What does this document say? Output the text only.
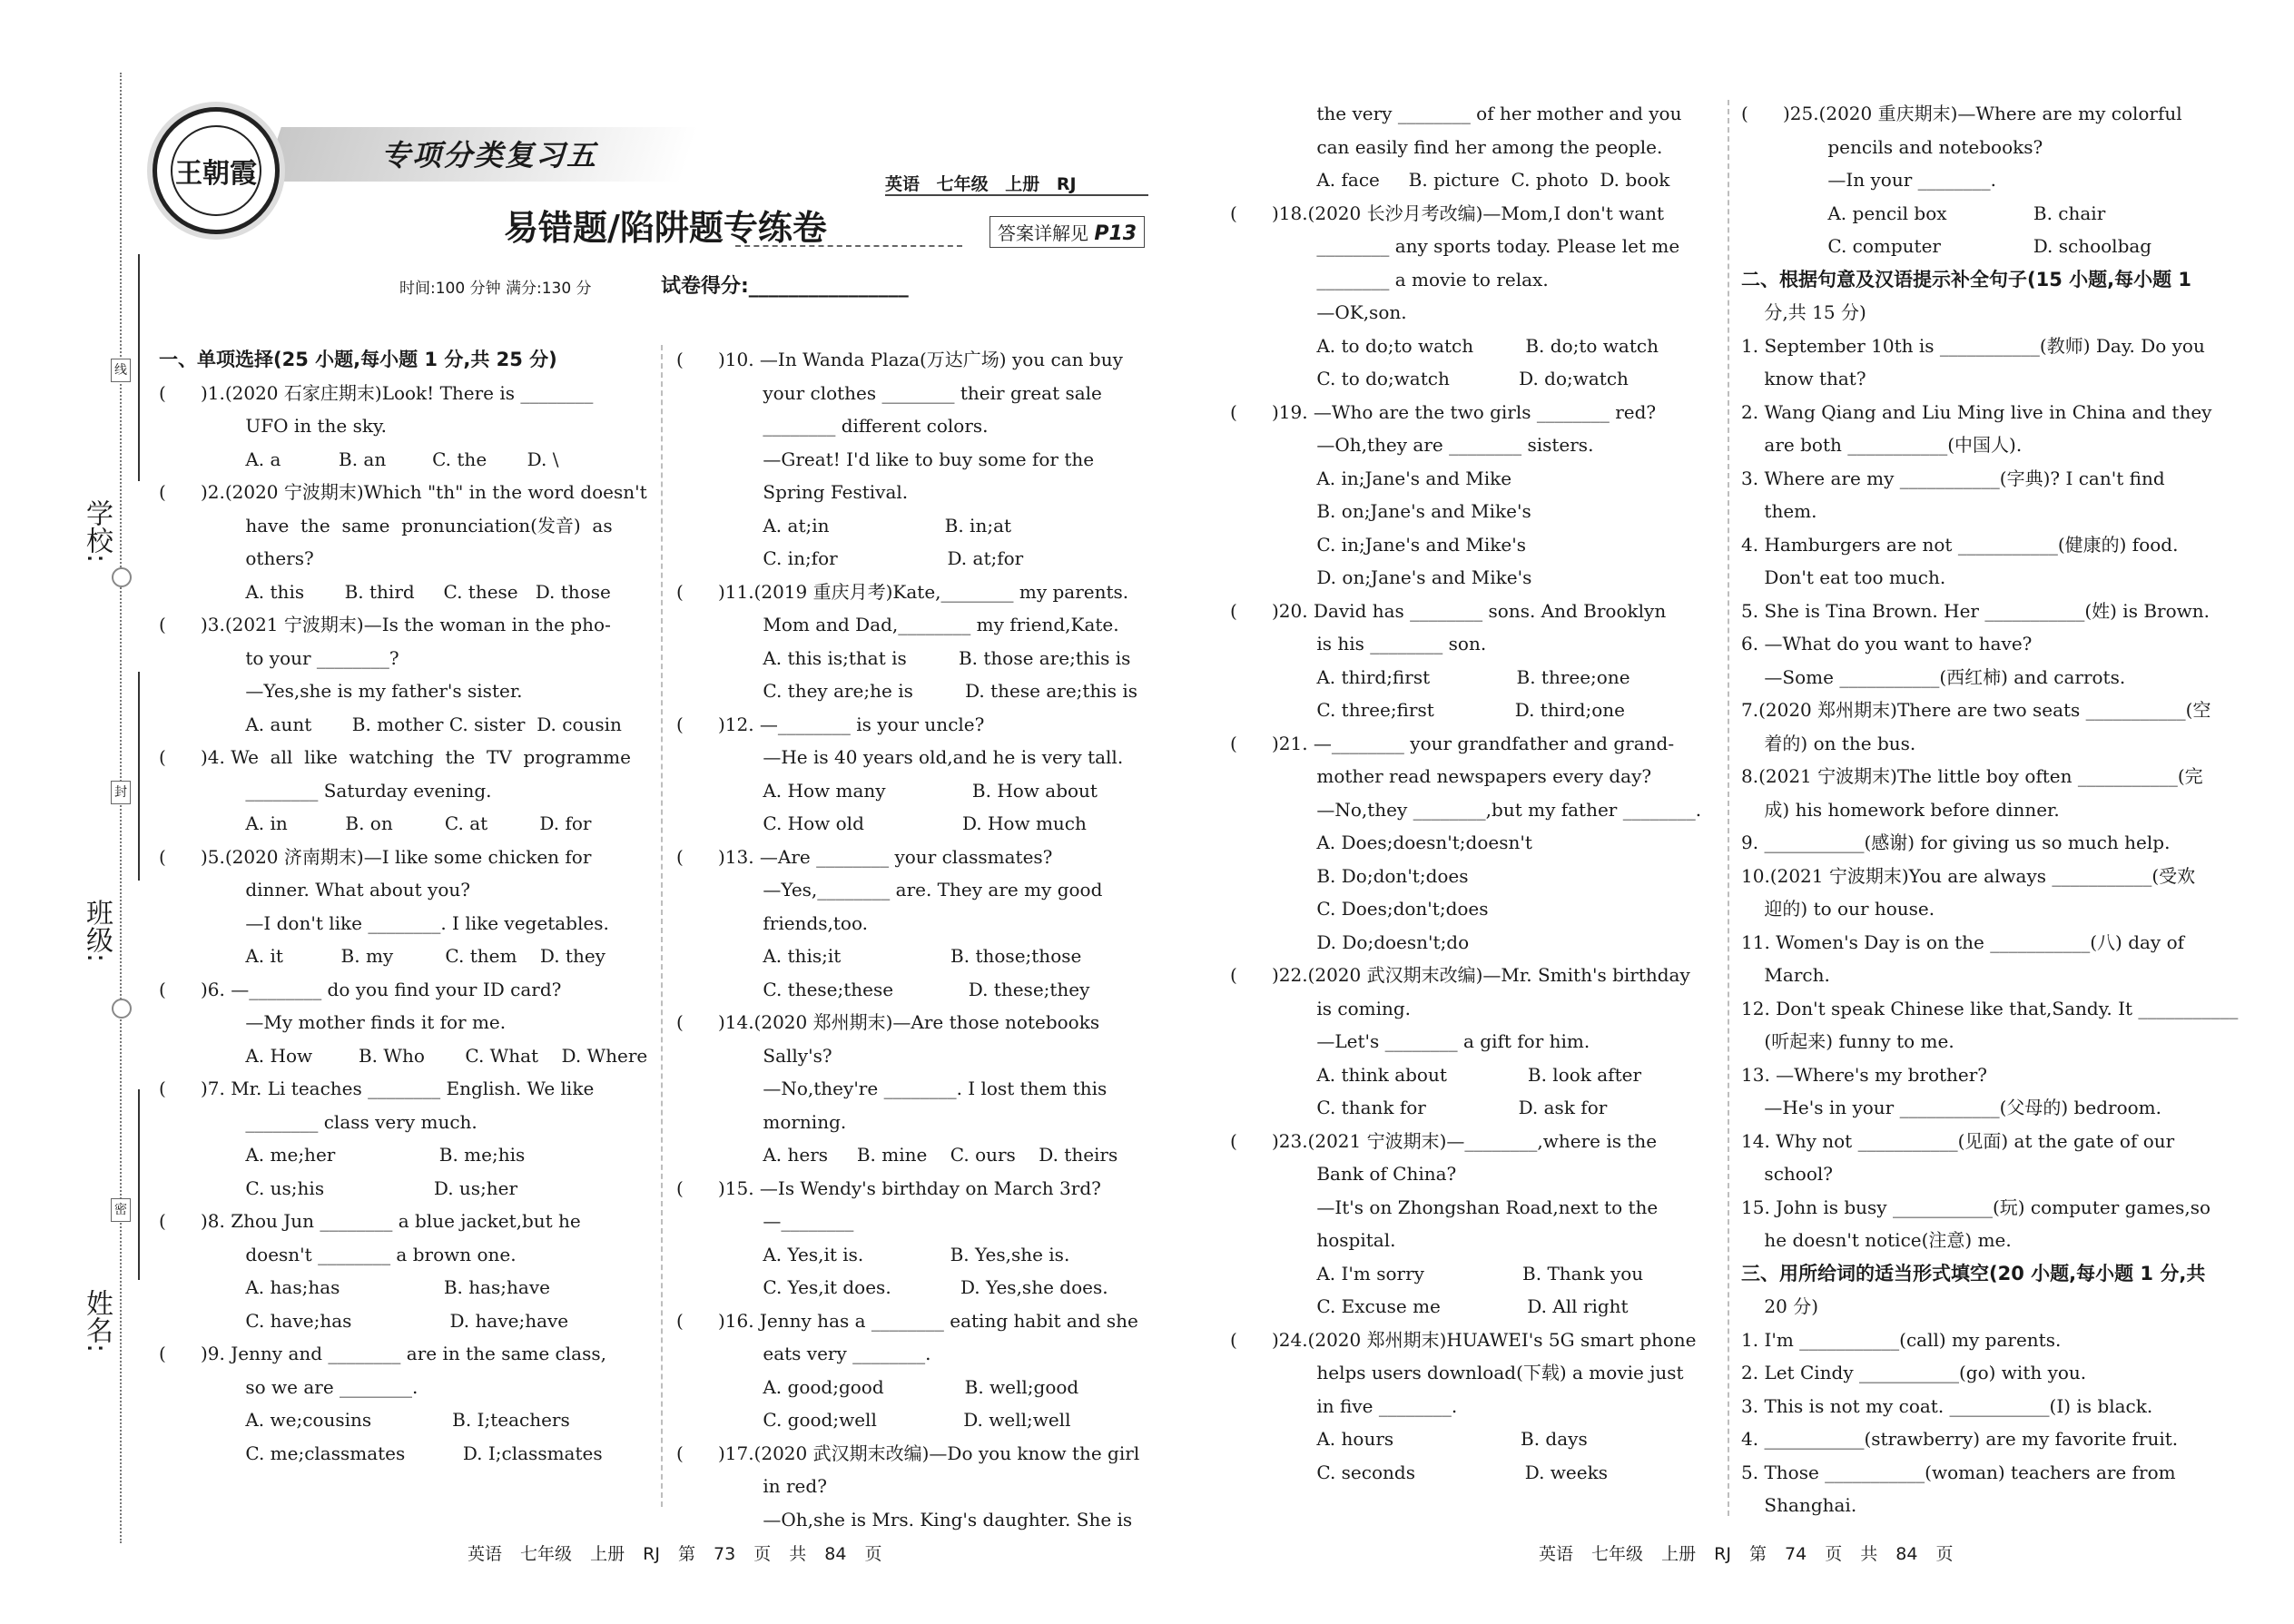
学校:
班级:
姓名:
线
封
密
王朝霞
专项分类复习五
易错题/陷阱题专练卷
英语 七年级 上册 RJ
答案详解见 P13
时间:100 分钟 满分:130 分	试卷得分:________________

一、单项选择(25 小题,每小题 1 分,共 25 分)

(      )1.(2020 石家庄期末)Look! There is ________

UFO in the sky.

A. a          B. an        C. the       D. \

(      )2.(2020 宁波期末)Which "th" in the word doesn't

have  the  same  pronunciation(发音)  as

others?

A. this       B. third     C. these   D. those

(      )3.(2021 宁波期末)—Is the woman in the pho-

to your ________?

—Yes,she is my father's sister.

A. aunt       B. mother C. sister  D. cousin

(      )4. We  all  like  watching  the  TV  programme

________ Saturday evening.

A. in          B. on         C. at         D. for

(      )5.(2020 济南期末)—I like some chicken for

dinner. What about you?

—I don't like ________. I like vegetables.

A. it          B. my         C. them    D. they

(      )6. —________ do you find your ID card?

—My mother finds it for me.

A. How        B. Who       C. What    D. Where

(      )7. Mr. Li teaches ________ English. We like

________ class very much.

A. me;her                  B. me;his

C. us;his                   D. us;her

(      )8. Zhou Jun ________ a blue jacket,but he

doesn't ________ a brown one.

A. has;has                  B. has;have

C. have;has                 D. have;have

(      )9. Jenny and ________ are in the same class,

so we are ________.

A. we;cousins              B. I;teachers

C. me;classmates          D. I;classmates

(      )10. —In Wanda Plaza(万达广场) you can buy

your clothes ________ their great sale

________ different colors.

—Great! I'd like to buy some for the

Spring Festival.

A. at;in                    B. in;at

C. in;for                   D. at;for

(      )11.(2019 重庆月考)Kate,________ my parents.

Mom and Dad,________ my friend,Kate.

A. this is;that is         B. those are;this is

C. they are;he is         D. these are;this is

(      )12. —________ is your uncle?

—He is 40 years old,and he is very tall.

A. How many               B. How about

C. How old                 D. How much

(      )13. —Are ________ your classmates?

—Yes,________ are. They are my good

friends,too.

A. this;it                   B. those;those

C. these;these             D. these;they

(      )14.(2020 郑州期末)—Are those notebooks

Sally's?

—No,they're ________. I lost them this

morning.

A. hers     B. mine    C. ours    D. theirs

(      )15. —Is Wendy's birthday on March 3rd?

—________

A. Yes,it is.               B. Yes,she is.

C. Yes,it does.            D. Yes,she does.

(      )16. Jenny has a ________ eating habit and she

eats very ________.

A. good;good              B. well;good

C. good;well               D. well;well

(      )17.(2020 武汉期末改编)—Do you know the girl

in red?

—Oh,she is Mrs. King's daughter. She is

the very ________ of her mother and you

can easily find her among the people.

A. face     B. picture  C. photo  D. book

(      )18.(2020 长沙月考改编)—Mom,I don't want

________ any sports today. Please let me

________ a movie to relax.

—OK,son.

A. to do;to watch         B. do;to watch

C. to do;watch            D. do;watch

(      )19. —Who are the two girls ________ red?

—Oh,they are ________ sisters.

A. in;Jane's and Mike

B. on;Jane's and Mike's

C. in;Jane's and Mike's

D. on;Jane's and Mike's

(      )20. David has ________ sons. And Brooklyn

is his ________ son.

A. third;first               B. three;one

C. three;first              D. third;one

(      )21. —________ your grandfather and grand-

mother read newspapers every day?

—No,they ________,but my father ________.

A. Does;doesn't;doesn't

B. Do;don't;does

C. Does;don't;does

D. Do;doesn't;do

(      )22.(2020 武汉期末改编)—Mr. Smith's birthday

is coming.

—Let's ________ a gift for him.

A. think about              B. look after

C. thank for                D. ask for

(      )23.(2021 宁波期末)—________,where is the

Bank of China?

—It's on Zhongshan Road,next to the

hospital.

A. I'm sorry                 B. Thank you

C. Excuse me               D. All right

(      )24.(2020 郑州期末)HUAWEI's 5G smart phone

helps users download(下载) a movie just

in five ________.

A. hours                      B. days

C. seconds                   D. weeks

(      )25.(2020 重庆期末)—Where are my colorful

pencils and notebooks?

—In your ________.

A. pencil box               B. chair

C. computer                D. schoolbag

二、根据句意及汉语提示补全句子(15 小题,每小题 1

分,共 15 分)

1. September 10th is ___________(教师) Day. Do you

know that?

2. Wang Qiang and Liu Ming live in China and they

are both ___________(中国人).

3. Where are my ___________(字典)? I can't find

them.

4. Hamburgers are not ___________(健康的) food.

Don't eat too much.

5. She is Tina Brown. Her ___________(姓) is Brown.

6. —What do you want to have?

—Some ___________(西红柿) and carrots.

7.(2020 郑州期末)There are two seats ___________(空

着的) on the bus.

8.(2021 宁波期末)The little boy often ___________(完

成) his homework before dinner.

9. ___________(感谢) for giving us so much help.

10.(2021 宁波期末)You are always ___________(受欢

迎的) to our house.

11. Women's Day is on the ___________(八) day of

March.

12. Don't speak Chinese like that,Sandy. It ___________

(听起来) funny to me.

13. —Where's my brother?

—He's in your ___________(父母的) bedroom.

14. Why not ___________(见面) at the gate of our

school?

15. John is busy ___________(玩) computer games,so

he doesn't notice(注意) me.

三、用所给词的适当形式填空(20 小题,每小题 1 分,共

20 分)

1. I'm ___________(call) my parents.

2. Let Cindy ___________(go) with you.

3. This is not my coat. ___________(I) is black.

4. ___________(strawberry) are my favorite fruit.

5. Those ___________(woman) teachers are from

Shanghai.

英语 七年级 上册 RJ 第 73 页 共 84 页	英语 七年级 上册 RJ 第 74 页 共 84 页
